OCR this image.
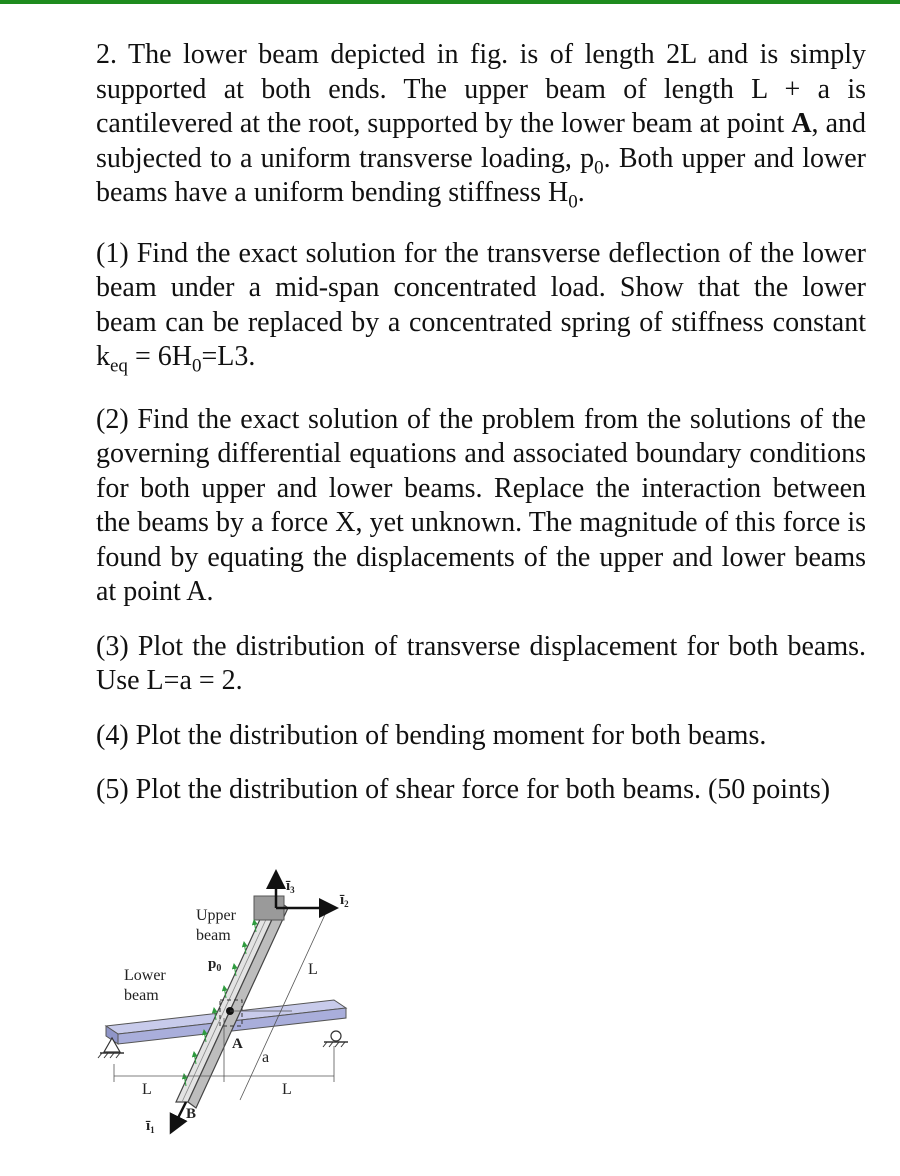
2. The lower beam depicted in fig. is of length 2L and is simply supported at both ends. The upper beam of length L + a is cantilevered at the root, supported by the lower beam at point A, and subjected to a uniform transverse loading, $p_0$. Both upper and lower beams have a uniform bending stiffness $H_0$.

(1) Find the exact solution for the transverse deflection of the lower beam under a mid-span concentrated load. Show that the lower beam can be replaced by a concentrated spring of stiffness constant $k_{eq} = 6H_0=L3$.

(2) Find the exact solution of the problem from the solutions of the governing differential equations and associated boundary conditions for both upper and lower beams. Replace the interaction between the beams by a force X, yet unknown. The magnitude of this force is found by equating the displacements of the upper and lower beams at point A.

(3) Plot the distribution of transverse displacement for both beams. Use L=a = 2.

(4) Plot the distribution of bending moment for both beams.

(5) Plot the distribution of shear force for both beams. (50 points)

Upper
beam
Lower
beam
$p_0$	L
a
L	L
A
B
$ī_3$
$ī_2$
$ī_1$
